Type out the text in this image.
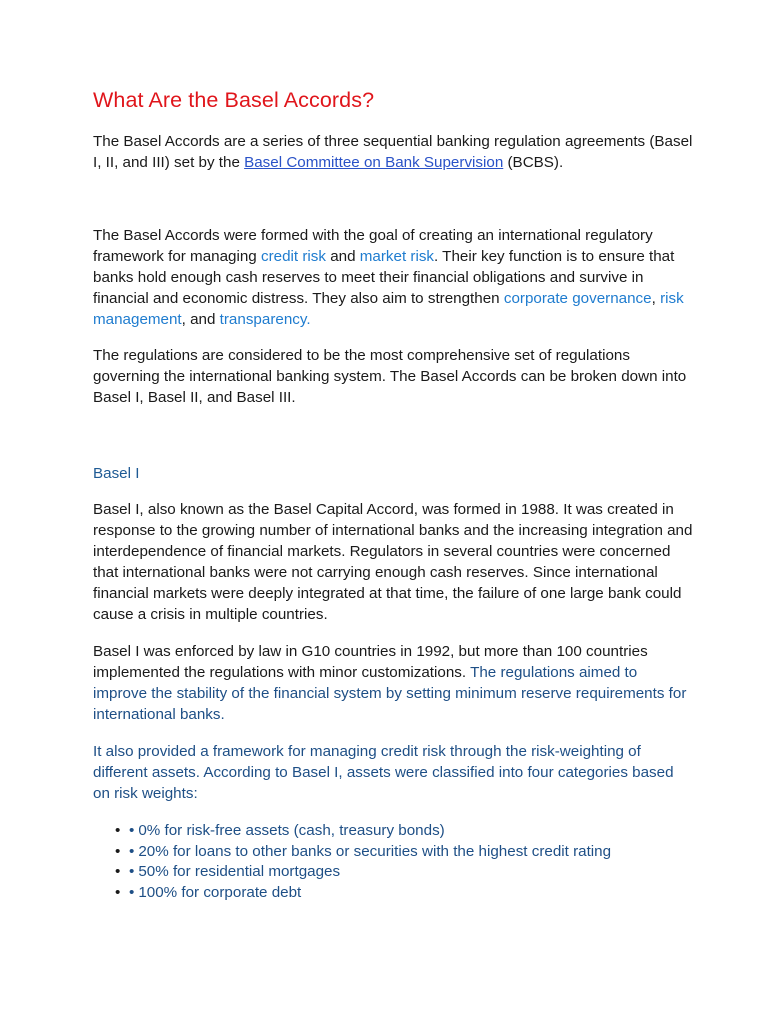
What Are the Basel Accords?

The Basel Accords are a series of three sequential banking regulation agreements (Basel I, II, and III) set by the Basel Committee on Bank Supervision (BCBS).

The Basel Accords were formed with the goal of creating an international regulatory framework for managing credit risk and market risk. Their key function is to ensure that banks hold enough cash reserves to meet their financial obligations and survive in financial and economic distress. They also aim to strengthen corporate governance, risk management, and transparency.

The regulations are considered to be the most comprehensive set of regulations governing the international banking system. The Basel Accords can be broken down into Basel I, Basel II, and Basel III.

Basel I

Basel I, also known as the Basel Capital Accord, was formed in 1988. It was created in response to the growing number of international banks and the increasing integration and interdependence of financial markets. Regulators in several countries were concerned that international banks were not carrying enough cash reserves. Since international financial markets were deeply integrated at that time, the failure of one large bank could cause a crisis in multiple countries.

Basel I was enforced by law in G10 countries in 1992, but more than 100 countries implemented the regulations with minor customizations. The regulations aimed to improve the stability of the financial system by setting minimum reserve requirements for international banks.

It also provided a framework for managing credit risk through the risk-weighting of different assets. According to Basel I, assets were classified into four categories based on risk weights:

• • 0% for risk-free assets (cash, treasury bonds)
• • 20% for loans to other banks or securities with the highest credit rating
• • 50% for residential mortgages
• • 100% for corporate debt
